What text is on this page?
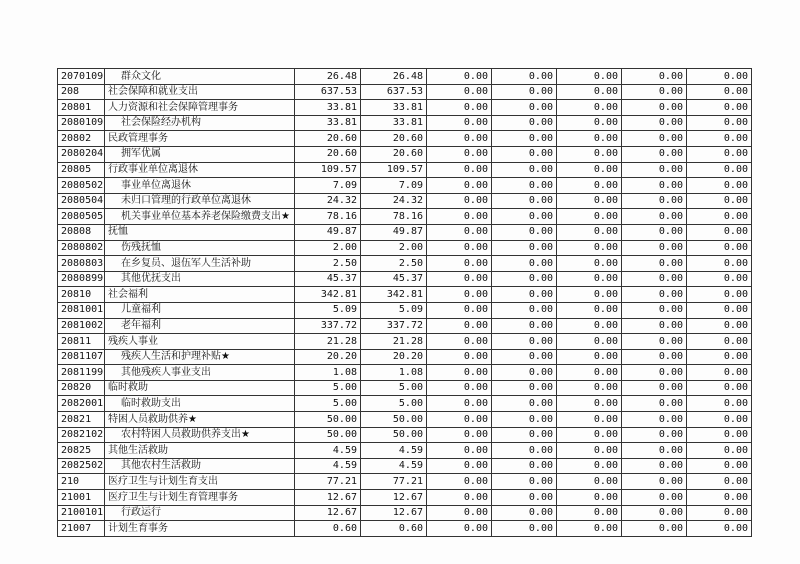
2070109	群众文化	26.48	26.48	0.00	0.00	0.00	0.00	0.00
208	社会保障和就业支出	637.53	637.53	0.00	0.00	0.00	0.00	0.00
20801	人力资源和社会保障管理事务	33.81	33.81	0.00	0.00	0.00	0.00	0.00
2080109	社会保险经办机构	33.81	33.81	0.00	0.00	0.00	0.00	0.00
20802	民政管理事务	20.60	20.60	0.00	0.00	0.00	0.00	0.00
2080204	拥军优属	20.60	20.60	0.00	0.00	0.00	0.00	0.00
20805	行政事业单位离退休	109.57	109.57	0.00	0.00	0.00	0.00	0.00
2080502	事业单位离退休	7.09	7.09	0.00	0.00	0.00	0.00	0.00
2080504	未归口管理的行政单位离退休	24.32	24.32	0.00	0.00	0.00	0.00	0.00
2080505	机关事业单位基本养老保险缴费支出★	78.16	78.16	0.00	0.00	0.00	0.00	0.00
20808	抚恤	49.87	49.87	0.00	0.00	0.00	0.00	0.00
2080802	伤残抚恤	2.00	2.00	0.00	0.00	0.00	0.00	0.00
2080803	在乡复员、退伍军人生活补助	2.50	2.50	0.00	0.00	0.00	0.00	0.00
2080899	其他优抚支出	45.37	45.37	0.00	0.00	0.00	0.00	0.00
20810	社会福利	342.81	342.81	0.00	0.00	0.00	0.00	0.00
2081001	儿童福利	5.09	5.09	0.00	0.00	0.00	0.00	0.00
2081002	老年福利	337.72	337.72	0.00	0.00	0.00	0.00	0.00
20811	残疾人事业	21.28	21.28	0.00	0.00	0.00	0.00	0.00
2081107	残疾人生活和护理补贴★	20.20	20.20	0.00	0.00	0.00	0.00	0.00
2081199	其他残疾人事业支出	1.08	1.08	0.00	0.00	0.00	0.00	0.00
20820	临时救助	5.00	5.00	0.00	0.00	0.00	0.00	0.00
2082001	临时救助支出	5.00	5.00	0.00	0.00	0.00	0.00	0.00
20821	特困人员救助供养★	50.00	50.00	0.00	0.00	0.00	0.00	0.00
2082102	农村特困人员救助供养支出★	50.00	50.00	0.00	0.00	0.00	0.00	0.00
20825	其他生活救助	4.59	4.59	0.00	0.00	0.00	0.00	0.00
2082502	其他农村生活救助	4.59	4.59	0.00	0.00	0.00	0.00	0.00
210	医疗卫生与计划生育支出	77.21	77.21	0.00	0.00	0.00	0.00	0.00
21001	医疗卫生与计划生育管理事务	12.67	12.67	0.00	0.00	0.00	0.00	0.00
2100101	行政运行	12.67	12.67	0.00	0.00	0.00	0.00	0.00
21007	计划生育事务	0.60	0.60	0.00	0.00	0.00	0.00	0.00
